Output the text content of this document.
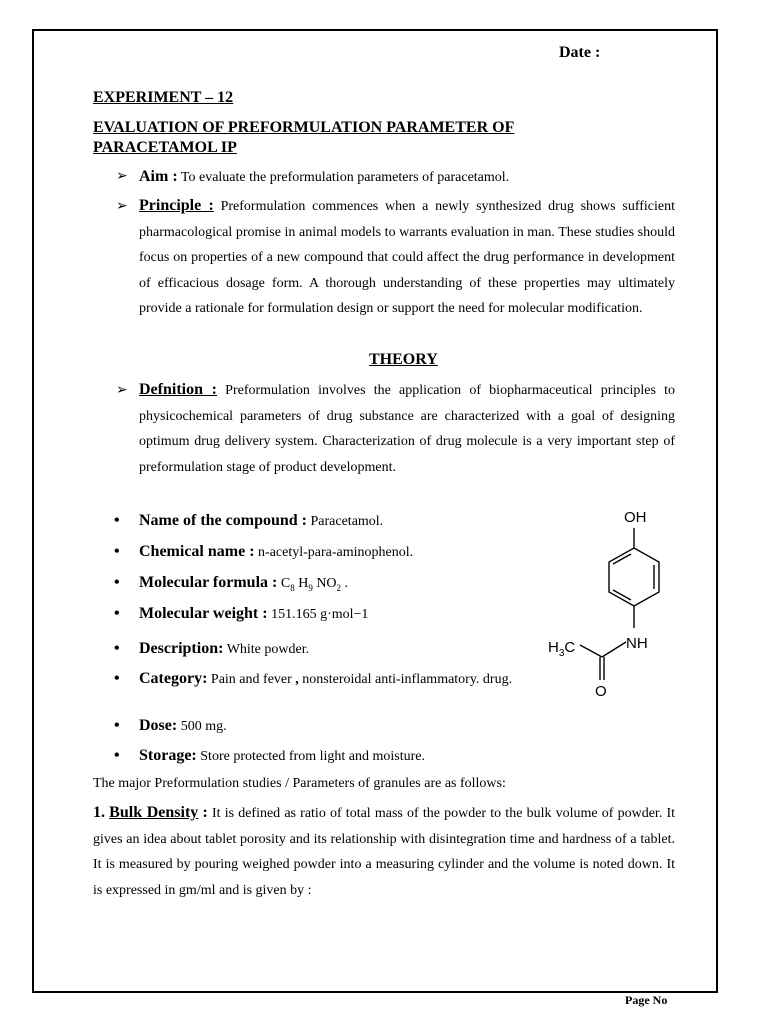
Date :
EXPERIMENT – 12
EVALUATION OF PREFORMULATION PARAMETER OF PARACETAMOL IP
➢ Aim : To evaluate the preformulation parameters of paracetamol.
➢ Principle : Preformulation commences when a newly synthesized drug shows sufficient pharmacological promise in animal models to warrants evaluation in man. These studies should focus on properties of a new compound that could affect the drug performance in development of efficacious dosage form. A thorough understanding of these properties may ultimately provide a rationale for formulation design or support the need for molecular modification.
THEORY
➢ Defnition : Preformulation involves the application of biopharmaceutical principles to physicochemical parameters of drug substance are characterized with a goal of designing optimum drug delivery system. Characterization of drug molecule is a very important step of preformulation stage of product development.
• Name of the compound : Paracetamol.
• Chemical name : n-acetyl-para-aminophenol.
• Molecular formula : $C_8$ $H_9$ $NO_2$ .
• Molecular weight : 151.165 g·mol−1
• Description: White powder.
• Category: Pain and fever , nonsteroidal anti-inflammatory. drug.
• Dose: 500 mg.
• Storage: Store protected from light and moisture.
OH
NH
$H_3C$
O
The major Preformulation studies / Parameters of granules are as follows:
1. Bulk Density : It is defined as ratio of total mass of the powder to the bulk volume of powder. It gives an idea about tablet porosity and its relationship with disintegration time and hardness of a tablet. It is measured by pouring weighed powder into a measuring cylinder and the volume is noted down. It is expressed in gm/ml and is given by :
Page No
